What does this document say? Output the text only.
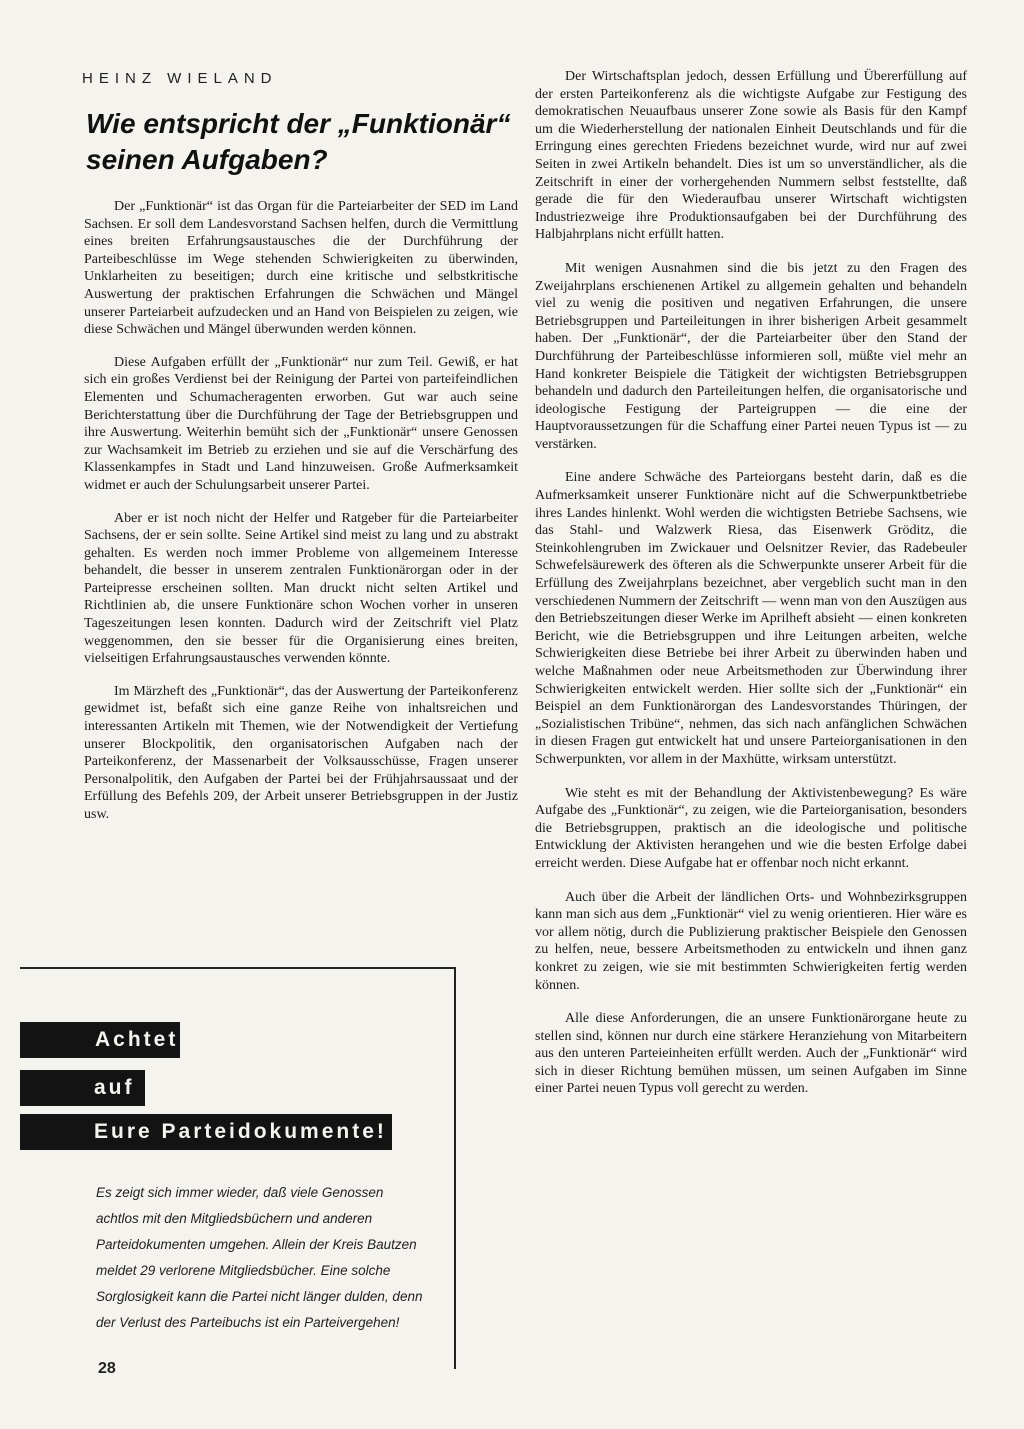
HEINZ WIELAND
Wie entspricht der „Funktionär“ seinen Aufgaben?

Der „Funktionär“ ist das Organ für die Parteiarbeiter der SED im Land Sachsen. Er soll dem Landesvorstand Sachsen helfen, durch die Vermittlung eines breiten Erfahrungsaustausches die der Durchführung der Parteibeschlüsse im Wege stehenden Schwierigkeiten zu überwinden, Unklarheiten zu beseitigen; durch eine kritische und selbstkritische Auswertung der praktischen Erfahrungen die Schwächen und Mängel unserer Parteiarbeit aufzudecken und an Hand von Beispielen zu zeigen, wie diese Schwächen und Mängel überwunden werden können.

Diese Aufgaben erfüllt der „Funktionär“ nur zum Teil. Gewiß, er hat sich ein großes Verdienst bei der Reinigung der Partei von parteifeindlichen Elementen und Schumacheragenten erworben. Gut war auch seine Berichterstattung über die Durchführung der Tage der Betriebsgruppen und ihre Auswertung. Weiterhin bemüht sich der „Funktionär“ unsere Genossen zur Wachsamkeit im Betrieb zu erziehen und sie auf die Verschärfung des Klassenkampfes in Stadt und Land hinzuweisen. Große Aufmerksamkeit widmet er auch der Schulungsarbeit unserer Partei.

Aber er ist noch nicht der Helfer und Ratgeber für die Parteiarbeiter Sachsens, der er sein sollte. Seine Artikel sind meist zu lang und zu abstrakt gehalten. Es werden noch immer Probleme von allgemeinem Interesse behandelt, die besser in unserem zentralen Funktionärorgan oder in der Parteipresse erscheinen sollten. Man druckt nicht selten Artikel und Richtlinien ab, die unsere Funktionäre schon Wochen vorher in unseren Tageszeitungen lesen konnten. Dadurch wird der Zeitschrift viel Platz weggenommen, den sie besser für die Organisierung eines breiten, vielseitigen Erfahrungsaustausches verwenden könnte.

Im Märzheft des „Funktionär“, das der Auswertung der Parteikonferenz gewidmet ist, befaßt sich eine ganze Reihe von inhaltsreichen und interessanten Artikeln mit Themen, wie der Notwendigkeit der Vertiefung unserer Blockpolitik, den organisatorischen Aufgaben nach der Parteikonferenz, der Massenarbeit der Volksausschüsse, Fragen unserer Personalpolitik, den Aufgaben der Partei bei der Frühjahrsaussaat und der Erfüllung des Befehls 209, der Arbeit unserer Betriebsgruppen in der Justiz usw.

Der Wirtschaftsplan jedoch, dessen Erfüllung und Übererfüllung auf der ersten Parteikonferenz als die wichtigste Aufgabe zur Festigung des demokratischen Neuaufbaus unserer Zone sowie als Basis für den Kampf um die Wiederherstellung der nationalen Einheit Deutschlands und für die Erringung eines gerechten Friedens bezeichnet wurde, wird nur auf zwei Seiten in zwei Artikeln behandelt. Dies ist um so unverständlicher, als die Zeitschrift in einer der vorhergehenden Nummern selbst feststellte, daß gerade die für den Wiederaufbau unserer Wirtschaft wichtigsten Industriezweige ihre Produktionsaufgaben bei der Durchführung des Halbjahrplans nicht erfüllt hatten.

Mit wenigen Ausnahmen sind die bis jetzt zu den Fragen des Zweijahrplans erschienenen Artikel zu allgemein gehalten und behandeln viel zu wenig die positiven und negativen Erfahrungen, die unsere Betriebsgruppen und Parteileitungen in ihrer bisherigen Arbeit gesammelt haben. Der „Funktionär“, der die Parteiarbeiter über den Stand der Durchführung der Parteibeschlüsse informieren soll, müßte viel mehr an Hand konkreter Beispiele die Tätigkeit der wichtigsten Betriebsgruppen behandeln und dadurch den Parteileitungen helfen, die organisatorische und ideologische Festigung der Parteigruppen — die eine der Hauptvoraussetzungen für die Schaffung einer Partei neuen Typus ist — zu verstärken.

Eine andere Schwäche des Parteiorgans besteht darin, daß es die Aufmerksamkeit unserer Funktionäre nicht auf die Schwerpunktbetriebe ihres Landes hinlenkt. Wohl werden die wichtigsten Betriebe Sachsens, wie das Stahl- und Walzwerk Riesa, das Eisenwerk Gröditz, die Steinkohlengruben im Zwickauer und Oelsnitzer Revier, das Radebeuler Schwefelsäurewerk des öfteren als die Schwerpunkte unserer Arbeit für die Erfüllung des Zweijahrplans bezeichnet, aber vergeblich sucht man in den verschiedenen Nummern der Zeitschrift — wenn man von den Auszügen aus den Betriebszeitungen dieser Werke im Aprilheft absieht — einen konkreten Bericht, wie die Betriebsgruppen und ihre Leitungen arbeiten, welche Schwierigkeiten diese Betriebe bei ihrer Arbeit zu überwinden haben und welche Maßnahmen oder neue Arbeitsmethoden zur Überwindung ihrer Schwierigkeiten entwickelt werden. Hier sollte sich der „Funktionär“ ein Beispiel an dem Funktionärorgan des Landesvorstandes Thüringen, der „Sozialistischen Tribüne“, nehmen, das sich nach anfänglichen Schwächen in diesen Fragen gut entwickelt hat und unsere Parteiorganisationen in den Schwerpunkten, vor allem in der Maxhütte, wirksam unterstützt.

Wie steht es mit der Behandlung der Aktivistenbewegung? Es wäre Aufgabe des „Funktionär“, zu zeigen, wie die Parteiorganisation, besonders die Betriebsgruppen, praktisch an die ideologische und politische Entwicklung der Aktivisten herangehen und wie die besten Erfolge dabei erreicht werden. Diese Aufgabe hat er offenbar noch nicht erkannt.

Auch über die Arbeit der ländlichen Orts- und Wohnbezirksgruppen kann man sich aus dem „Funktionär“ viel zu wenig orientieren. Hier wäre es vor allem nötig, durch die Publizierung praktischer Beispiele den Genossen zu helfen, neue, bessere Arbeitsmethoden zu entwickeln und ihnen ganz konkret zu zeigen, wie sie mit bestimmten Schwierigkeiten fertig werden können.

Alle diese Anforderungen, die an unsere Funktionärorgane heute zu stellen sind, können nur durch eine stärkere Heranziehung von Mitarbeitern aus den unteren Parteieinheiten erfüllt werden. Auch der „Funktionär“ wird sich in dieser Richtung bemühen müssen, um seinen Aufgaben im Sinne einer Partei neuen Typus voll gerecht zu werden.

Achtet
auf
Eure Parteidokumente!

Es zeigt sich immer wieder, daß viele Genossen achtlos mit den Mitgliedsbüchern und anderen Parteidokumenten umgehen. Allein der Kreis Bautzen meldet 29 verlorene Mitgliedsbücher. Eine solche Sorglosigkeit kann die Partei nicht länger dulden, denn der Verlust des Parteibuchs ist ein Parteivergehen!

28
